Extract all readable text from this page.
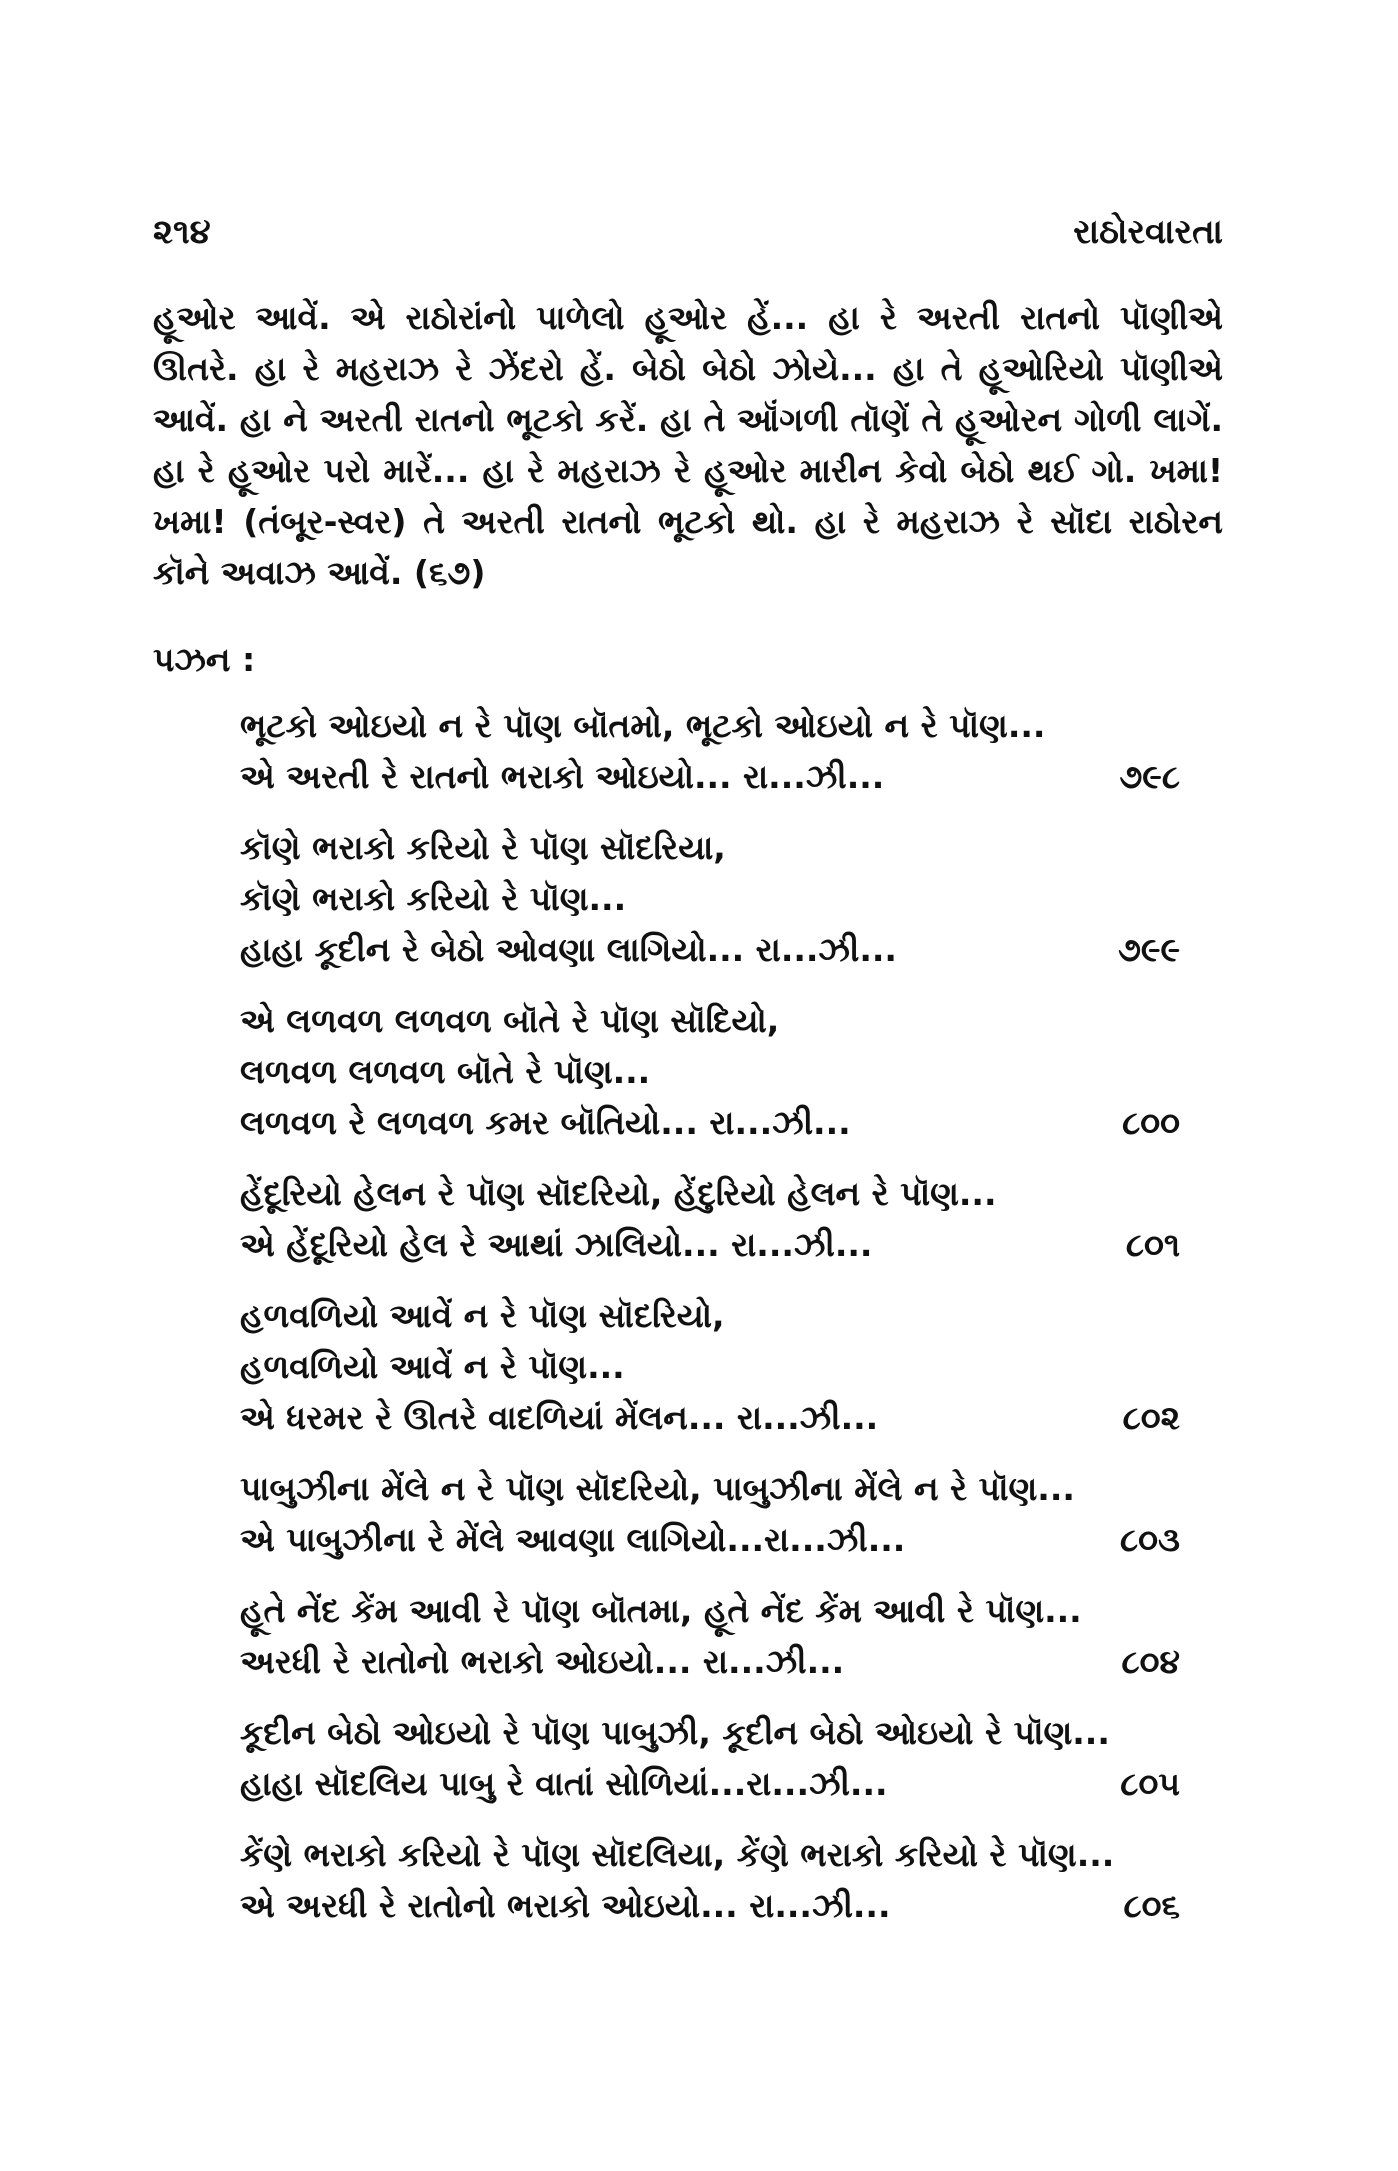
૨૧૪	રાઠોરવારતા

હૂઓર આવેં. એ રાઠોરાંનો પાળેલો હૂઓર હેં... હા રે અરતી રાતનો પૉણીએ ઊતરે. હા રે મહરાઝ રે ઝેંદરો હેં. બેઠો બેઠો ઝોયે... હા તે હૂઓરિયો પૉણીએ આવેં. હા ને અરતી રાતનો ભૂટકો કરેં. હા તે ઑંગળી તૉણેં તે હૂઓરન ગોળી લાગેં. હા રે હૂઓર પરો મારેં... હા રે મહરાઝ રે હૂઓર મારીન કેવો બેઠો થઈ ગો. ખમા! ખમા! (તંબૂર-સ્વર) તે અરતી રાતનો ભૂટકો થો. હા રે મહરાઝ રે સૉદા રાઠોરન કૉને અવાઝ આવેં. (૬૭)

પઝન :
ભૂટકો ઓઇયો ન રે પૉણ બૉતમો, ભૂટકો ઓઇયો ન રે પૉણ...
એ અરતી રે રાતનો ભરાકો ઓઇયો... રા...ઝી...	૭૯૮
કૉણે ભરાકો કરિયો રે પૉણ સૉદરિયા,
કૉણે ભરાકો કરિયો રે પૉણ...
હાહા કૂદીન રે બેઠો ઓવણા લાગિયો... રા...ઝી...	૭૯૯
એ લળવળ લળવળ બૉતે રે પૉણ સૉદિયો,
લળવળ લળવળ બૉતે રે પૉણ...
લળવળ રે લળવળ કમર બૉતિયો... રા...ઝી...	૮૦૦
હેંદૂરિયો હેલન રે પૉણ સૉદરિયો, હેંદુરિયો હેલન રે પૉણ...
એ હેંદૂરિયો હેલ રે આથાં ઝાલિયો... રા...ઝી...	૮૦૧
હળવળિયો આવેં ન રે પૉણ સૉદરિયો,
હળવળિયો આવેં ન રે પૉણ...
એ ધરમર રે ઊતરે વાદળિયાં મેંલન... રા...ઝી...	૮૦૨
પાબુઝીના મેંલે ન રે પૉણ સૉદરિયો, પાબુઝીના મેંલે ન રે પૉણ...
એ પાબુઝીના રે મેંલે આવણા લાગિયો...રા...ઝી...	૮૦૩
હૂતે નેંદ કેંમ આવી રે પૉણ બૉતમા, હૂતે નેંદ કેંમ આવી રે પૉણ...
અરધી રે રાતોનો ભરાકો ઓઇયો... રા...ઝી...	૮૦૪
કૂદીન બેઠો ઓઇયો રે પૉણ પાબુઝી, કૂદીન બેઠો ઓઇયો રે પૉણ...
હાહા સૉદલિય પાબુ રે વાતાં સોળિયાં...રા...ઝી...	૮૦૫
કેંણે ભરાકો કરિયો રે પૉણ સૉદલિયા, કેંણે ભરાકો કરિયો રે પૉણ...
એ અરધી રે રાતોનો ભરાકો ઓઇયો... રા...ઝી...	૮૦૬
